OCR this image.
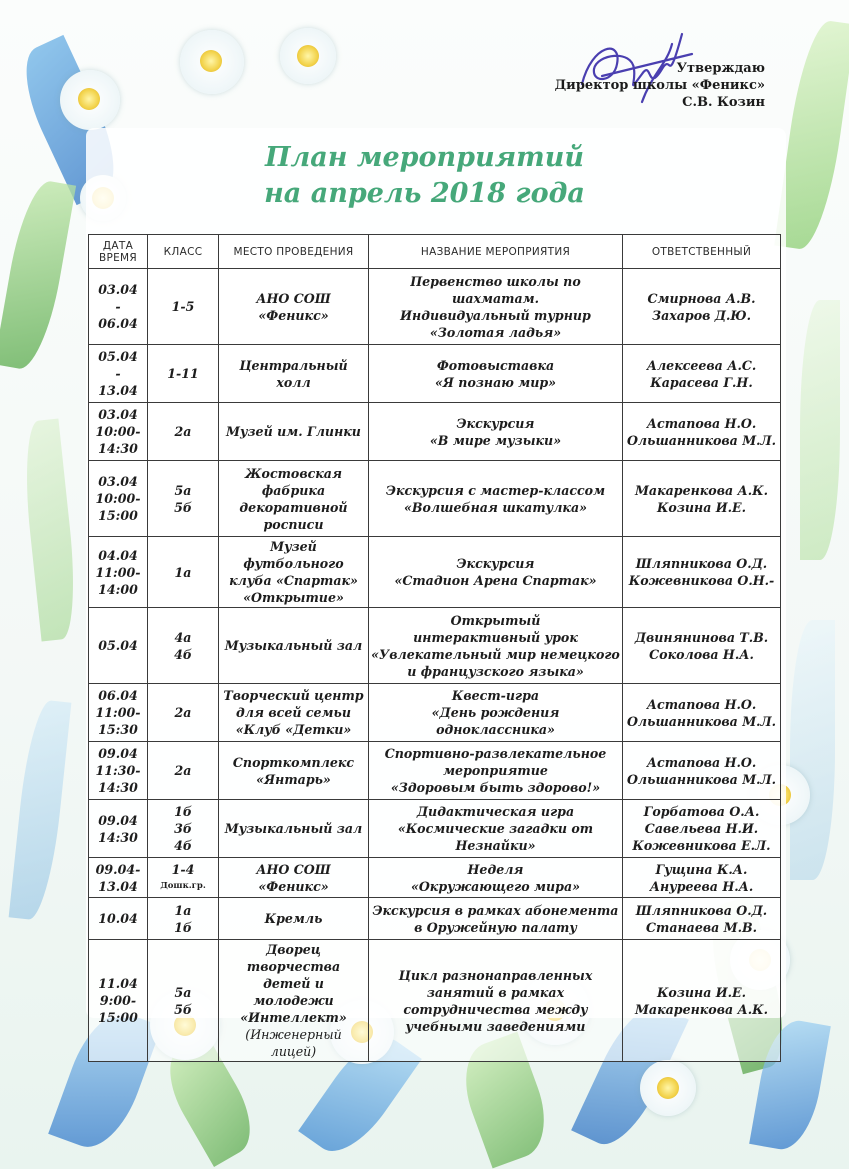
Утверждаю
Директор школы «Феникс»
С.В. Козин
План мероприятий
на апрель 2018 года
ДАТА
ВРЕМЯ	КЛАСС	МЕСТО ПРОВЕДЕНИЯ	НАЗВАНИЕ МЕРОПРИЯТИЯ	ОТВЕТСТВЕННЫЙ

03.04
-
06.04	1-5	АНО СОШ «Феникс»	Первенство школы по
шахматам.
Индивидуальный турнир
«Золотая ладья»	Смирнова А.В.
Захаров Д.Ю.

05.04
-
13.04	1-11	Центральный холл	Фотовыставка
«Я познаю мир»	Алексеева А.С.
Карасева Г.Н.

03.04
10:00-
14:30	2а	Музей им. Глинки	Экскурсия
«В мире музыки»	Астапова Н.О.
Ольшанникова М.Л.

03.04
10:00-
15:00	5а
5б	Жостовская
фабрика
декоративной
росписи	Экскурсия с мастер-классом
«Волшебная шкатулка»	Макаренкова А.К.
Козина И.Е.

04.04
11:00-
14:00	1а	Музей футбольного
клуба «Спартак»
«Открытие»	Экскурсия
«Стадион Арена Спартак»	Шляпникова О.Д.
Кожевникова О.Н.-

05.04	4а
4б	Музыкальный зал	Открытый
интерактивный урок
«Увлекательный мир немецкого
и французского языка»	Двинянинова Т.В.
Соколова Н.А.

06.04
11:00-
15:30	2а	Творческий центр
для всей семьи
«Клуб «Детки»	Квест-игра
«День рождения
одноклассника»	Астапова Н.О.
Ольшанникова М.Л.

09.04
11:30-
14:30	2а	Спорткомплекс
«Янтарь»	Спортивно-развлекательное
мероприятие
«Здоровым быть здорово!»	Астапова Н.О.
Ольшанникова М.Л.

09.04
14:30	1б
3б
4б	Музыкальный зал	Дидактическая игра
«Космические загадки от
Незнайки»	Горбатова О.А.
Савельева Н.И.
Кожевникова Е.Л.

09.04-
13.04	1-4
Дошк.гр.	АНО СОШ «Феникс»	Неделя
«Окружающего мира»	Гущина К.А.
Ануреева Н.А.

10.04	1а
1б	Кремль	Экскурсия в рамках абонемента
в Оружейную палату	Шляпникова О.Д.
Станаева М.В.

11.04
9:00-
15:00	5а
5б	Дворец творчества
детей и молодежи
«Интеллект»
(Инженерный лицей)	Цикл разнонаправленных
занятий в рамках
сотрудничества между
учебными заведениями	Козина И.Е.
Макаренкова А.К.
